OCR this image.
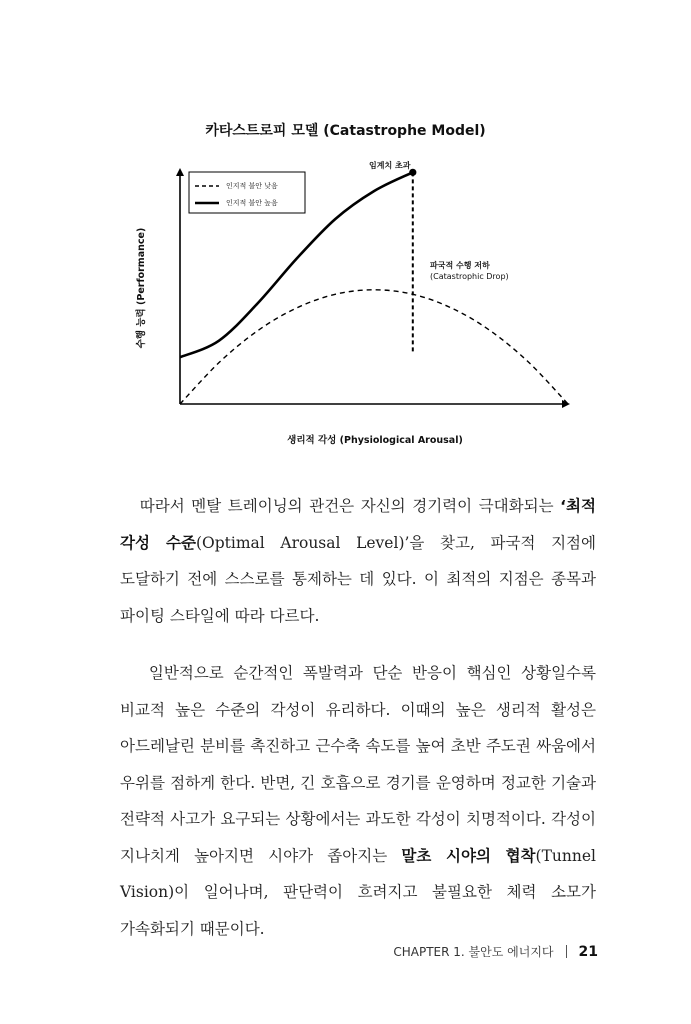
카타스트로피 모델 (Catastrophe Model)
인지적 불안 낮음
인지적 불안 높음
임계치 초과
파국적 수행 저하
(Catastrophic Drop)
수행 능력 (Performance)
생리적 각성 (Physiological Arousal)

따라서 멘탈 트레이닝의 관건은 자신의 경기력이 극대화되는 ‘최적 각성 수준(Optimal Arousal Level)’을 찾고, 파국적 지점에 도달하기 전에 스스로를 통제하는 데 있다. 이 최적의 지점은 종목과 파이팅 스타일에 따라 다르다.

일반적으로 순간적인 폭발력과 단순 반응이 핵심인 상황일수록 비교적 높은 수준의 각성이 유리하다. 이때의 높은 생리적 활성은 아드레날린 분비를 촉진하고 근수축 속도를 높여 초반 주도권 싸움에서 우위를 점하게 한다. 반면, 긴 호흡으로 경기를 운영하며 정교한 기술과 전략적 사고가 요구되는 상황에서는 과도한 각성이 치명적이다. 각성이 지나치게 높아지면 시야가 좁아지는 말초 시야의 협착(Tunnel Vision)이 일어나며, 판단력이 흐려지고 불필요한 체력 소모가 가속화되기 때문이다.

CHAPTER 1. 불안도 에너지다 21
